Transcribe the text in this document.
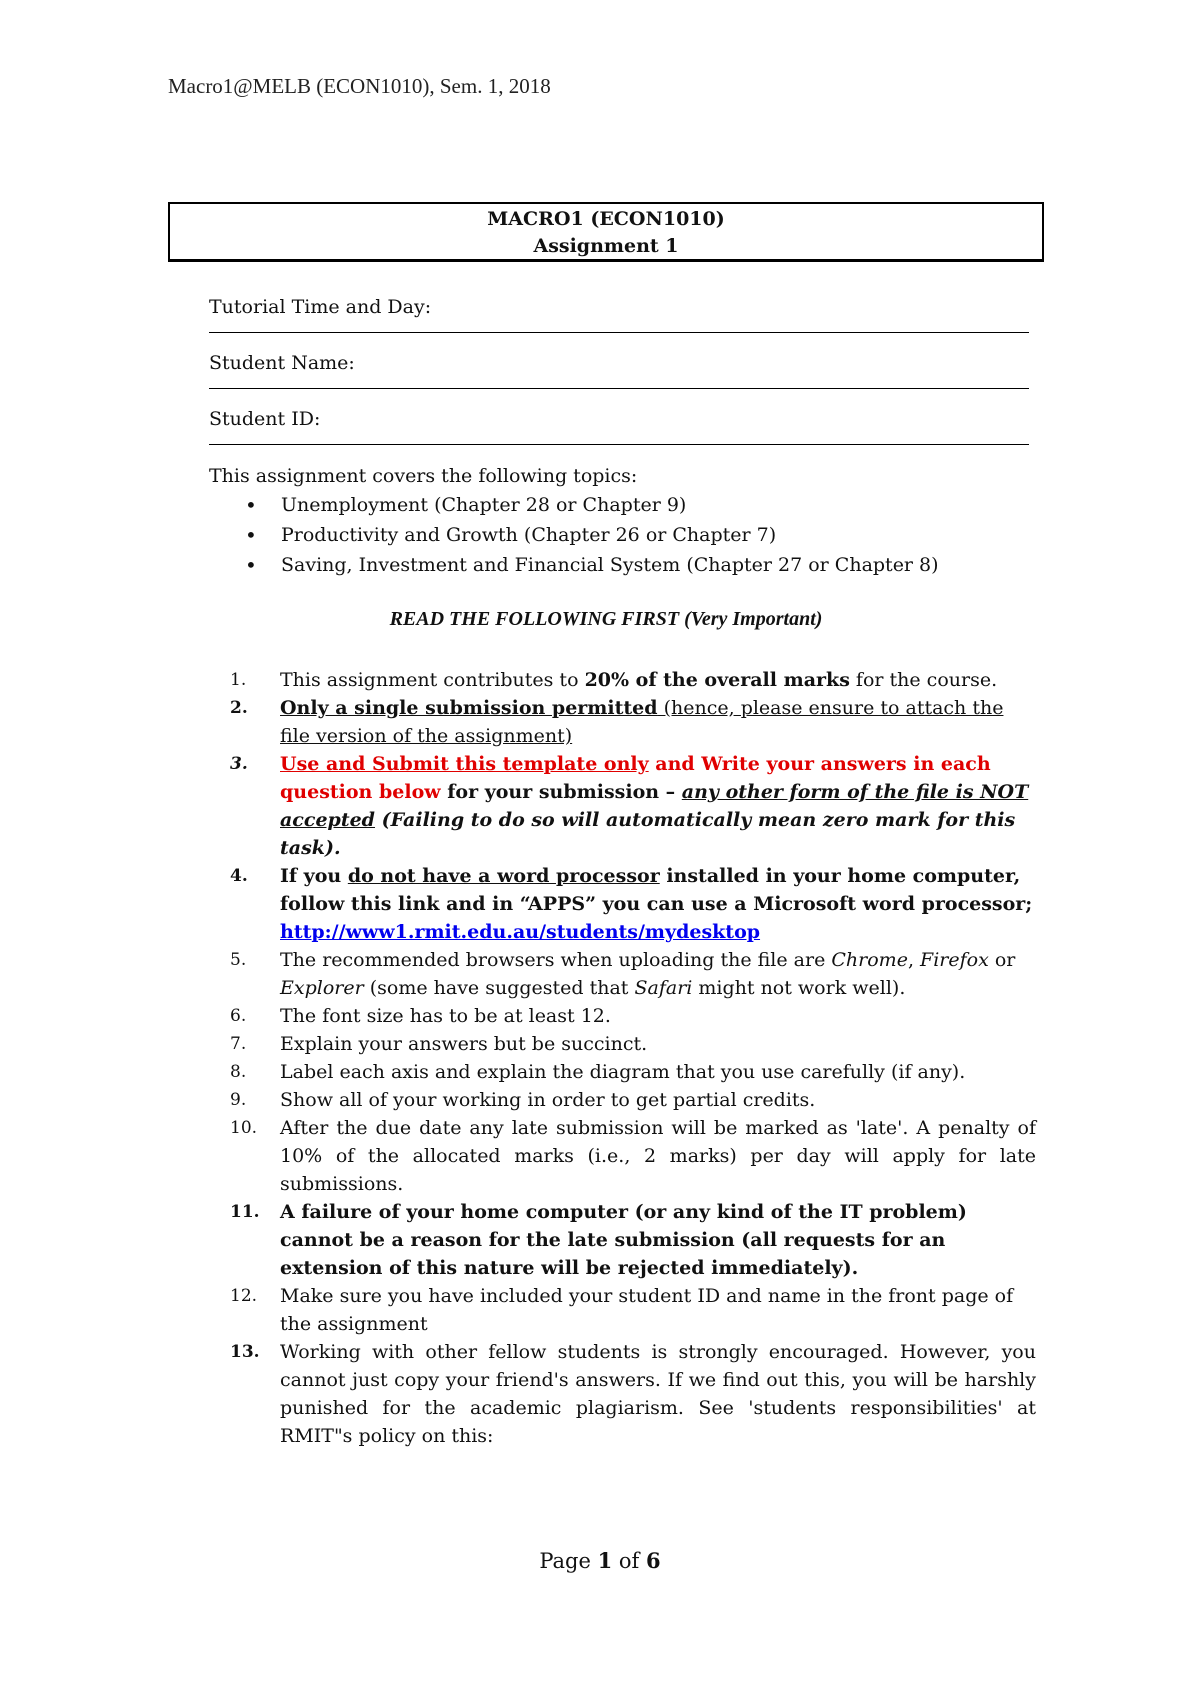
Macro1@MELB (ECON1010), Sem. 1, 2018
MACRO1 (ECON1010)
Assignment 1
Tutorial Time and Day:
Student Name:
Student ID:
This assignment covers the following topics:
• Unemployment (Chapter 28 or Chapter 9)
• Productivity and Growth (Chapter 26 or Chapter 7)
• Saving, Investment and Financial System (Chapter 27 or Chapter 8)
READ THE FOLLOWING FIRST (Very Important)
1.	This assignment contributes to 20% of the overall marks for the course.
2.	Only a single submission permitted (hence, please ensure to attach the file version of the assignment)
3.	Use and Submit this template only and Write your answers in each question below for your submission – any other form of the file is NOT accepted (Failing to do so will automatically mean zero mark for this task).
4.	If you do not have a word processor installed in your home computer, follow this link and in “APPS” you can use a Microsoft word processor; http://www1.rmit.edu.au/students/mydesktop
5.	The recommended browsers when uploading the file are Chrome, Firefox or Explorer (some have suggested that Safari might not work well).
6.	The font size has to be at least 12.
7.	Explain your answers but be succinct.
8.	Label each axis and explain the diagram that you use carefully (if any).
9.	Show all of your working in order to get partial credits.
10.	After the due date any late submission will be marked as 'late'. A penalty of 10% of the allocated marks (i.e., 2 marks) per day will apply for late submissions.
11.	A failure of your home computer (or any kind of the IT problem) cannot be a reason for the late submission (all requests for an extension of this nature will be rejected immediately).
12.	Make sure you have included your student ID and name in the front page of the assignment
13.	Working with other fellow students is strongly encouraged. However, you cannot just copy your friend's answers. If we find out this, you will be harshly punished for the academic plagiarism. See 'students responsibilities' at RMIT"s policy on this:
Page 1 of 6
